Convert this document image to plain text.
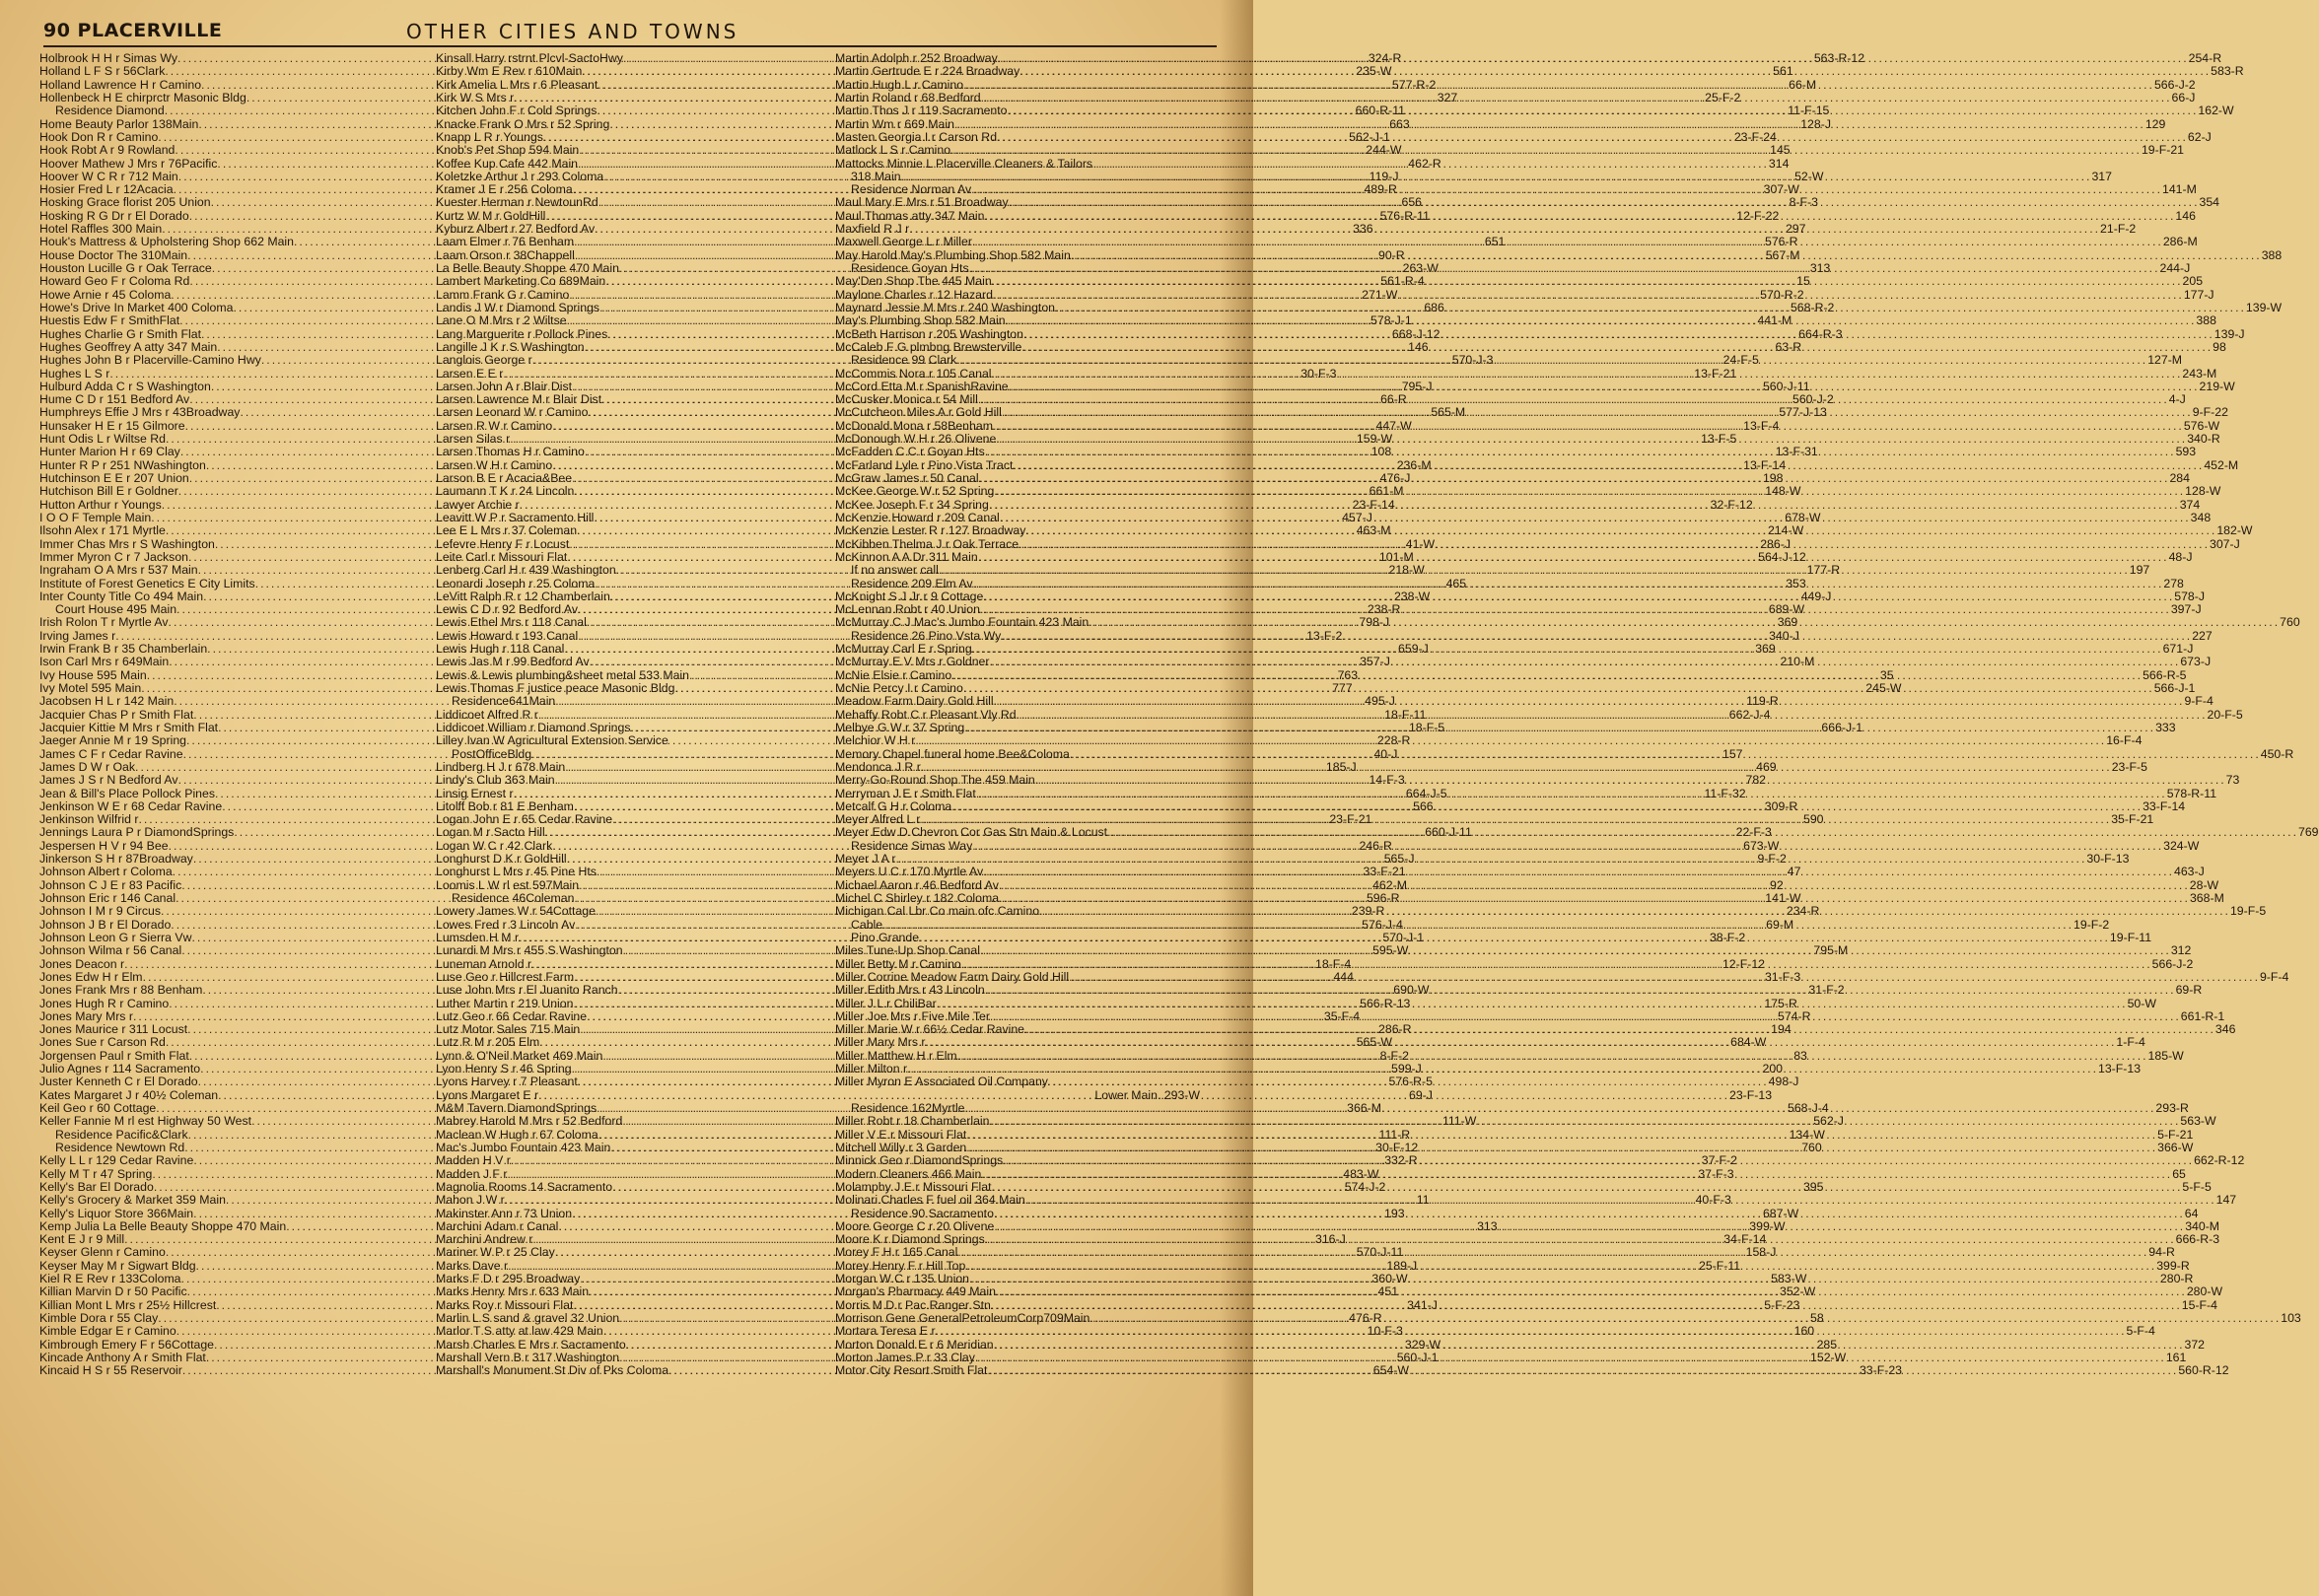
90 PLACERVILLE	OTHER CITIES AND TOWNS
Holbrook H H r Simas Wy .....	324-R
Holland L F S r 56Clark .....	235-W
Holland Lawrence H r Camino .....	577-R-2
Hollenbeck H E chirprctr Masonic Bldg .....	327
Residence Diamond .....	660-R-11
Home Beauty Parlor 138Main .....	663
Hook Don R r Camino .....	562-J-1
Hook Robt A r 9 Rowland .....	244-W
Hoover Mathew J Mrs r 76Pacific .....	462-R
Hoover W C R r 712 Main .....	119-J
Hosier Fred L r 12Acacia .....	489-R
Hosking Grace florist 205 Union .....	656
Hosking R G Dr r El Dorado .....	576-R-11
Hotel Raffles 300 Main .....	336
Houk's Mattress & Upholstering Shop 662 Main .....	651
House Doctor The 310Main .....	90-R
Houston Lucille G r Oak Terrace .....	263-W
Howard Geo F r Coloma Rd .....	561-R-4
Howe Arnie r 45 Coloma .....	271-W
Howe's Drive In Market 400 Coloma .....	686
Huestis Edw F r SmithFlat .....	578-J-1
Hughes Charlie G r Smith Flat .....	668-J-12
Hughes Geoffrey A atty 347 Main .....	146
Hughes John B r Placerville-Camino Hwy .....	570-J-3
Hughes L S r .....	30-F-3
Hulburd Adda C r S Washington .....	795-J
Hume C D r 151 Bedford Av .....	66-R
Humphreys Effie J Mrs r 43Broadway .....	565-M
Hunsaker H E r 15 Gilmore .....	447-W
Hunt Odis L r Wiltse Rd .....	159-W
Hunter Marion H r 69 Clay .....	108
Hunter R P r 251 NWashington .....	236-M
Hutchinson E E r 207 Union .....	476-J
Hutchison Bill E r Goldner .....	661-M
Hutton Arthur r Youngs .....	23-F-14
I O O F Temple Main .....	457-J
Ilsohn Alex r 171 Myrtle .....	463-M
Immer Chas Mrs r S Washington .....	41-W
Immer Myron C r 7 Jackson .....	101-M
Ingraham O A Mrs r 537 Main .....	218-W
Institute of Forest Genetics E City Limits .....	465
Inter County Title Co 494 Main .....	238-W
Court House 495 Main .....	238-R
Irish Rolon T r Myrtle Av .....	798-J
Irving James r .....	13-F-2
Irwin Frank B r 35 Chamberlain .....	659-J
Ison Carl Mrs r 649Main .....	357-J
Ivy House 595 Main .....	763
Ivy Motel 595 Main .....	777
Jacobsen H L r 142 Main .....	495-J
Jacquier Chas P r Smith Flat .....	18-F-11
Jacquier Kittie M Mrs r Smith Flat .....	18-F-5
Jaeger Annie M r 19 Spring .....	228-R
James C F r Cedar Ravine .....	40-J
James D W r Oak .....	185-J
James J S r N Bedford Av .....	14-F-3
Jean & Bill's Place Pollock Pines .....	664-J-5
Jenkinson W E r 68 Cedar Ravine .....	566
Jenkinson Wilfrid r .....	23-F-21
Jennings Laura P r DiamondSprings .....	660-J-11
Jespersen H V r 94 Bee .....	246-R
Jinkerson S H r 87Broadway .....	565-J
Johnson Albert r Coloma .....	33-F-21
Johnson C J E r 83 Pacific .....	462-M
Johnson Eric r 146 Canal .....	596-R
Johnson I M r 9 Circus .....	239-R
Johnson J B r El Dorado .....	576-J-4
Johnson Leon G r Sierra Vw .....	570-J-1
Johnson Wilma r 56 Canal .....	595-W
Jones Deacon r .....	18-F-4
Jones Edw H r Elm .....	444
Jones Frank Mrs r 88 Benham .....	690-W
Jones Hugh R r Camino .....	566-R-13
Jones Mary Mrs r .....	35-F-4
Jones Maurice r 311 Locust .....	286-R
Jones Sue r Carson Rd .....	565-W
Jorgensen Paul r Smith Flat .....	8-F-2
Julio Agnes r 114 Sacramento .....	599-J
Juster Kenneth C r El Dorado .....	576-R-5
Kates Margaret J r 40½ Coleman .....	69-J
Keil Geo r 60 Cottage .....	366-M
Keller Fannie M rl est Highway 50 West .....	111-W
Residence Pacific&Clark .....	111-R
Residence Newtown Rd .....	30-F-12
Kelly L L r 129 Cedar Ravine .....	332-R
Kelly M T r 47 Spring .....	483-W
Kelly's Bar El Dorado .....	574-J-2
Kelly's Grocery & Market 359 Main .....	11
Kelly's Liquor Store 366Main .....	193
Kemp Julia La Belle Beauty Shoppe 470 Main .....	313
Kent E J r 9 Mill .....	316-J
Keyser Glenn r Camino .....	570-J-11
Keyser May M r Sigwart Bldg .....	189-J
Kiel R E Rev r 133Coloma .....	360-W
Killian Marvin D r 50 Pacific .....	451
Killian Mont L Mrs r 25½ Hillcrest .....	341-J
Kimble Dora r 55 Clay .....	476-R
Kimble Edgar E r Camino .....	10-F-3
Kimbrough Emery F r 56Cottage .....	329-W
Kincade Anthony A r Smith Flat .....	560-J-1
Kincaid H S r 55 Reservoir .....	654-W
Kinsall Harry rstrnt Plcvl-SactoHwy .....	563-R-12
Kirby Wm E Rev r 610Main .....	561
Kirk Amelia L Mrs r 6 Pleasant .....	66-M
Kirk W S Mrs r .....	25-F-2
Kitchen John F r Cold Springs .....	11-F-15
Knacke Frank O Mrs r 52 Spring .....	128-J
Knapp L R r Youngs .....	23-F-24
Knob's Pet Shop 594 Main .....	145
Koffee Kup Cafe 442 Main .....	314
Koletzke Arthur J r 293 Coloma .....	52-W
Kramer J E r 256 Coloma .....	307-W
Kuester Herman r NewtounRd .....	8-F-3
Kurtz W M r GoldHill .....	12-F-22
Kyburz Albert r 27 Bedford Av .....	297
Laam Elmer r 76 Benham .....	576-R
Laam Orson r 38Chappell .....	567-M
La Belle Beauty Shoppe 470 Main .....	313
Lambert Marketing Co 689Main .....	15
Lamm Frank G r Camino .....	570-R-2
Landis J W r Diamond Springs .....	568-R-2
Lane O M Mrs r 2 Wiltse .....	441-M
Lang Marguerite r Pollock Pines .....	664-R-3
Langille J K r S Washington .....	63-R
Langlois George r .....	24-F-5
Larsen E E r .....	13-F-21
Larsen John A r Blair Dist .....	560-J-11
Larsen Lawrence M r Blair Dist .....	560-J-2
Larsen Leonard W r Camino .....	577-J-13
Larsen R W r Camino .....	13-F-4
Larsen Silas r .....	13-F-5
Larsen Thomas H r Camino .....	13-F-31
Larsen W H r Camino .....	13-F-14
Larson B E r Acacia&Bee .....	198
Laumann T K r 24 Lincoln .....	148-W
Lawyer Archie r .....	32-F-12
Leavitt W P r Sacramento Hill .....	678-W
Lee E L Mrs r 37 Coleman .....	214-W
Lefevre Henry F r Locust .....	286-J
Leite Carl r Missouri Flat .....	564-J-12
Lenberg Carl H r 439 Washington .....	177-R
Leonardi Joseph r 25 Coloma .....	353
LeVitt Ralph R r 12 Chamberlain .....	449-J
Lewis C D r 92 Bedford Av .....	689-W
Lewis Ethel Mrs r 118 Canal .....	369
Lewis Howard r 193 Canal .....	340-J
Lewis Hugh r 118 Canal .....	369
Lewis Jas M r 99 Bedford Av .....	210-M
Lewis & Lewis plumbing&sheet metal 533 Main .....	35
Lewis Thomas F justice peace Masonic Bldg .....	245-W
Residence641Main .....	119-R
Liddicoet Alfred R r .....	662-J-4
Liddicoet William r Diamond Springs .....	666-J-1
Lilley Ivan W Agricultural Extension Service
PostOfficeBldg .....	157
Lindberg H J r 678 Main .....	469
Lindy's Club 363 Main .....	782
Linsig Ernest r .....	11-F-32
Litolff Bob r 81 E Benham .....	309-R
Logan John E r 65 Cedar Ravine .....	590
Logan M r Sacto Hill .....	22-F-3
Logan W C r 42 Clark .....	673-W
Longhurst D K r GoldHill .....	9-F-2
Longhurst L Mrs r 45 Pine Hts .....	47
Loomis L W rl est 597Main .....	92
Residence 46Coleman .....	141-W
Lowery James W r 54Cottage .....	234-R
Lowes Fred r 3 Lincoln Av .....	69-M
Lumsden H M r .....	38-F-2
Lunardi M Mrs r 455 S Washington .....	795-M
Luneman Arnold r .....	12-F-12
Luse Geo r Hillcrest Farm .....	31-F-3
Luse John Mrs r El Juanito Ranch .....	31-F-2
Luther Martin r 219 Union .....	175-R
Lutz Geo r 66 Cedar Ravine .....	574-R
Lutz Motor Sales 715 Main .....	194
Lutz R M r 205 Elm .....	684-W
Lynn & O'Neil Market 469 Main .....	83
Lyon Henry S r 46 Spring .....	200
Lyons Harvey r 7 Pleasant .....	498-J
Lyons Margaret E r .....	23-F-13
M&M Tavern DiamondSprings .....	568-J-4
Mabrey Harold M Mrs r 52 Bedford .....	562-J
Maclean W Hugh r 67 Coloma .....	134-W
Mac's Jumbo Fountain 423 Main .....	760
Madden H V r .....	37-F-2
Madden J F r .....	37-F-3
Magnolia Rooms 14 Sacramento .....	395
Mahon J W r .....	40-F-3
Makinster Ann r 73 Union .....	687-W
Marchini Adam r Canal .....	399-W
Marchini Andrew r .....	34-F-14
Mariner W P r 25 Clay .....	158-J
Marks Dave r .....	25-F-11
Marks F D r 295 Broadway .....	583-W
Marks Henry Mrs r 633 Main .....	352-W
Marks Roy r Missouri Flat .....	5-F-23
Marlin L S sand & gravel 32 Union .....	58
Marlor T S atty at law 429 Main .....	160
Marsh Charles E Mrs r Sacramento .....	285
Marshall Vern B r 317 Washington .....	152-W
Marshall's Monument St Div of Pks Coloma .....	33-F-23
Martin Adolph r 252 Broadway .....	254-R
Martin Gertrude E r 224 Broadway .....	583-R
Martin Hugh L r Camino .....	566-J-2
Martin Roland r 68 Bedford .....	66-J
Martin Thos J r 119 Sacramento .....	162-W
Martin Wm r 669 Main .....	129
Masten Georgia I r Carson Rd .....	62-J
Matlock L S r Camino .....	19-F-21
Mattocks Minnie L Placerville Cleaners & Tailors
318 Main .....	317
Residence Norman Av .....	141-M
Maul Mary E Mrs r 51 Broadway .....	354
Maul Thomas atty 347 Main .....	146
Maxfield R J r .....	21-F-2
Maxwell George L r Miller .....	286-M
May Harold May's Plumbing Shop 582 Main .....	388
Residence Goyan Hts .....	244-J
May'Den Shop The 445 Main .....	205
Maylone Charles r 12 Hazard .....	177-J
Maynard Jessie M Mrs r 240 Washington .....	139-W
May's Plumbing Shop 582 Main .....	388
McBeth Harrison r 205 Washington .....	139-J
McCaleb F G plmbng Brewsterville .....	98
Residence 99 Clark .....	127-M
McCommis Nora r 105 Canal .....	243-M
McCord Etta M r SpanishRavine .....	219-W
McCusker Monica r 54 Mill .....	4-J
McCutcheon Miles A r Gold Hill .....	9-F-22
McDonald Mona r 58Benham .....	576-W
McDonough W H r 26 Olivene .....	340-R
McFadden C C r Goyan Hts .....	593
McFarland Lyle r Pino Vista Tract .....	452-M
McGraw James r 50 Canal .....	284
McKee George W r 52 Spring .....	128-W
McKee Joseph F r 34 Spring .....	374
McKenzie Howard r 209 Canal .....	348
McKenzie Lester R r 127 Broadway .....	182-W
McKibben Thelma J r Oak Terrace .....	307-J
McKinnon A A Dr 311 Main .....	48-J
If no answer call .....	197
Residence 209 Elm Av .....	278
McKnight S J Jr r 9 Cottage .....	578-J
McLennan Robt r 40 Union .....	397-J
McMurray C J Mac's Jumbo Fountain 423 Main .....	760
Residence 26 Pino Vsta Wy .....	227
McMurray Carl E r Spring .....	671-J
McMurray E V Mrs r Goldner .....	673-J
McNie Elsie r Camino .....	566-R-5
McNie Percy I r Camino .....	566-J-1
Meadow Farm Dairy Gold Hill .....	9-F-4
Mehaffy Robt C r Pleasant Vly Rd .....	20-F-5
Melbye G W r 37 Spring .....	333
Melchior W H r .....	16-F-4
Memory Chapel funeral home Bee&Coloma .....	450-R
Mendonca J R r .....	23-F-5
Merry-Go-Round Shop The 459 Main .....	73
Merryman J E r Smith Flat .....	578-R-11
Metcalf G H r Coloma .....	33-F-14
Meyer Alfred L r .....	35-F-21
Meyer Edw D Chevron Cor Gas Stn Main & Locust .....	769
Residence Simas Way .....	324-W
Meyer J A r .....	30-F-13
Meyers U C r 170 Myrtle Av .....	463-J
Michael Aaron r 46 Bedford Av .....	28-W
Michel C Shirley r 182 Coloma .....	368-M
Michigan Cal Lbr Co main ofc Camino .....	19-F-5
Cable .....	19-F-2
Pino Grande .....	19-F-11
Miles Tune-Up Shop Canal .....	312
Miller Betty M r Camino .....	566-J-2
Miller Corrine Meadow Farm Dairy Gold Hill .....	9-F-4
Miller Edith Mrs r 43 Lincoln .....	69-R
Miller J L r ChiliBar .....	50-W
Miller Joe Mrs r Five Mile Ter .....	661-R-1
Miller Marie W r 66½ Cedar Ravine .....	346
Miller Mary Mrs r .....	1-F-4
Miller Matthew H r Elm .....	185-W
Miller Milton r .....	13-F-13
Miller Myron E Associated Oil Company
Lower Main .. 293-W
Residence 162Myrtle .....	293-R
Miller Robt r 18 Chamberlain .....	563-W
Miller V E r Missouri Flat .....	5-F-21
Mitchell Willy r 3 Garden .....	366-W
Minnick Geo r DiamondSprings .....	662-R-12
Modern Cleaners 466 Main .....	65
Molamphy J E r Missouri Flat .....	5-F-5
Molinari Charles F fuel oil 364 Main .....	147
Residence 90 Sacramento .....	64
Moore George C r 20 Olivene .....	340-M
Moore K r Diamond Springs .....	666-R-3
Morey F H r 165 Canal .....	94-R
Morey Henry F r Hill Top .....	399-R
Morgan W C r 135 Union .....	280-R
Morgan's Pharmacy 449 Main .....	280-W
Morris M D r Pac Ranger Stn .....	15-F-4
Morrison Gene GeneralPetroleumCorp709Main .....	103
Mortara Teresa E r .....	5-F-4
Morton Donald E r 6 Meridian .....	372
Morton James P r 33 Clay .....	161
Motor City Resort Smith Flat .....	560-R-12
